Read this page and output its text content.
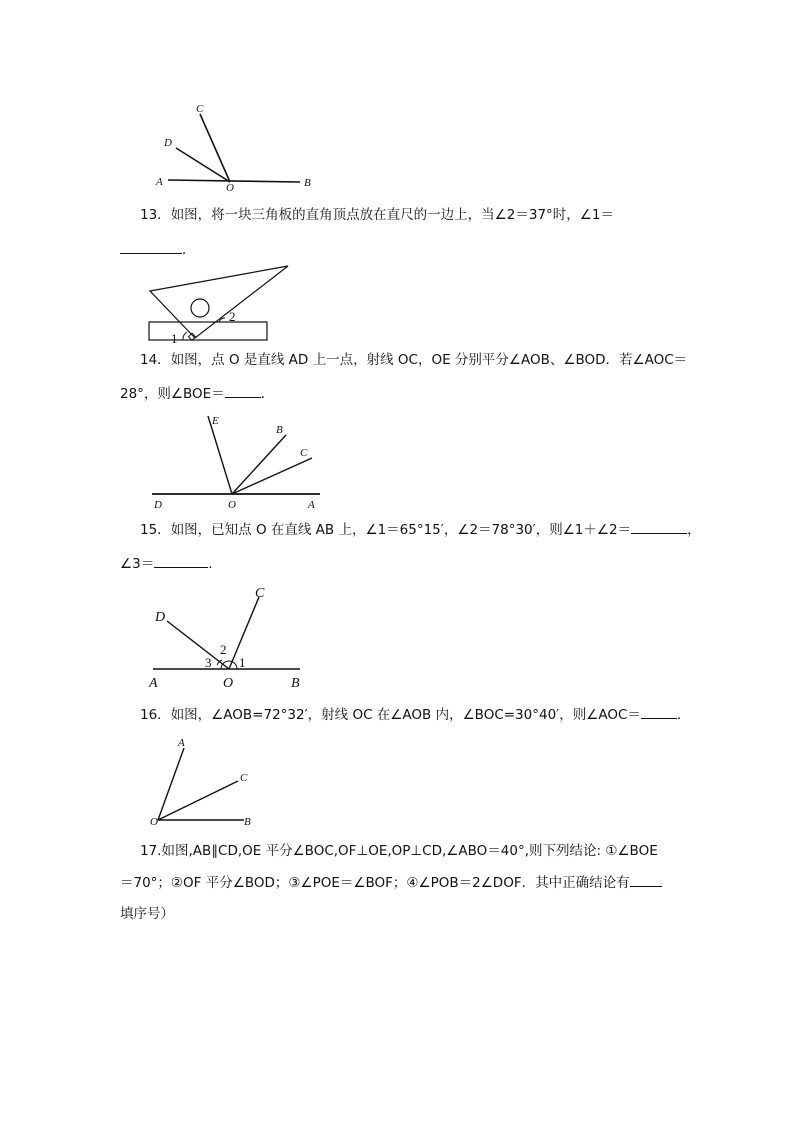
C
D
A	O	B
13．如图，将一块三角板的直角顶点放在直尺的一边上，当∠2＝37°时，∠1＝
．
1
2
14．如图，点 O 是直线 AD 上一点，射线 OC，OE 分别平分∠AOB、∠BOD．若∠AOC＝
28°，则∠BOE＝	．
E
B
C
D	O	A
15．如图，已知点 O 在直线 AB 上，∠1＝65°15′，∠2＝78°30′，则∠1＋∠2＝	，
∠3＝	．
C
D
2
3 1
A	O	B
16．如图，∠AOB=72°32′，射线 OC 在∠AOB 内，∠BOC=30°40′，则∠AOC＝	．
A
C
O	B
17.如图,AB∥CD,OE 平分∠BOC,OF⊥OE,OP⊥CD,∠ABO＝40°,则下列结论: ①∠BOE
＝70°；②OF 平分∠BOD；③∠POE＝∠BOF；④∠POB＝2∠DOF．其中正确结论有
填序号）
